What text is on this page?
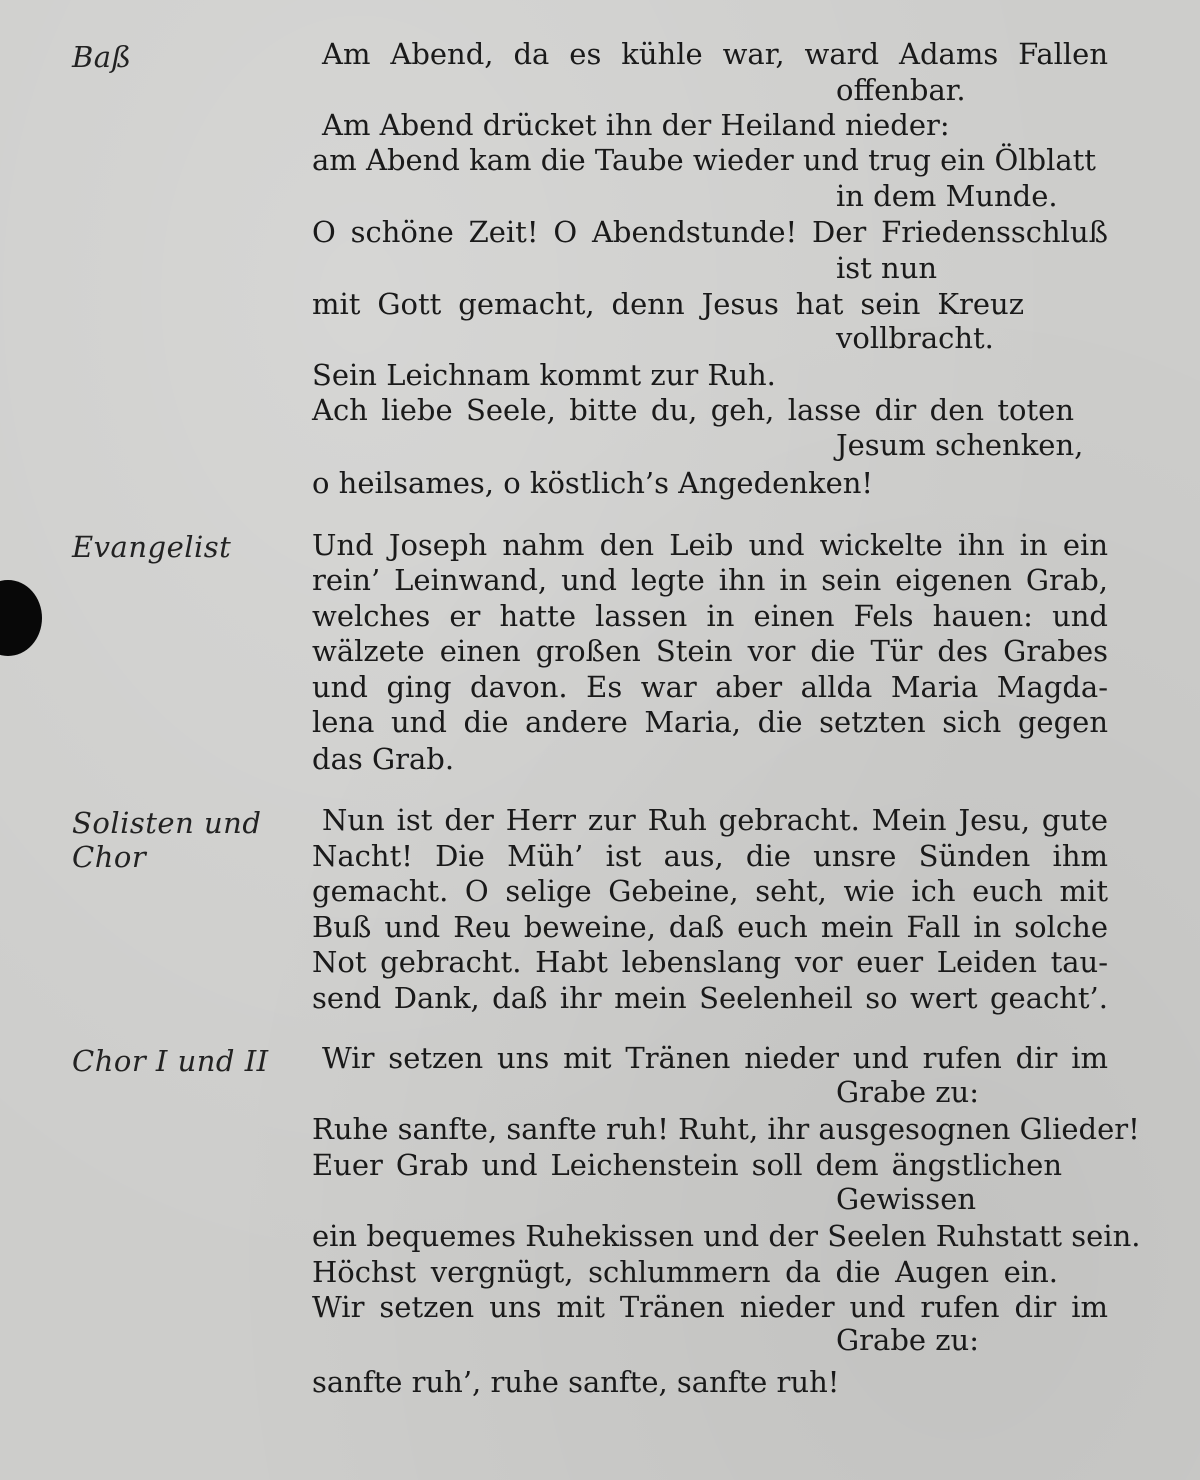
Baß	Am Abend, da es kühle war, ward Adams Fallen
offenbar.
Am Abend drücket ihn der Heiland nieder:
am Abend kam die Taube wieder und trug ein Ölblatt
in dem Munde.
O schöne Zeit! O Abendstunde! Der Friedensschluß
ist nun
mit Gott gemacht, denn Jesus hat sein Kreuz
vollbracht.
Sein Leichnam kommt zur Ruh.
Ach liebe Seele, bitte du, geh, lasse dir den toten
Jesum schenken,
o heilsames, o köstlich’s Angedenken!
Evangelist	Und Joseph nahm den Leib und wickelte ihn in ein
rein’ Leinwand, und legte ihn in sein eigenen Grab,
welches er hatte lassen in einen Fels hauen: und
wälzete einen großen Stein vor die Tür des Grabes
und ging davon. Es war aber allda Maria Magda-
lena und die andere Maria, die setzten sich gegen
das Grab.
Solisten und
Chor
Nun ist der Herr zur Ruh gebracht. Mein Jesu, gute
Nacht! Die Müh’ ist aus, die unsre Sünden ihm
gemacht. O selige Gebeine, seht, wie ich euch mit
Buß und Reu beweine, daß euch mein Fall in solche
Not gebracht. Habt lebenslang vor euer Leiden tau-
send Dank, daß ihr mein Seelenheil so wert geacht’.
Chor I und II Wir setzen uns mit Tränen nieder und rufen dir im
Grabe zu:
Ruhe sanfte, sanfte ruh! Ruht, ihr ausgesognen Glieder!
Euer Grab und Leichenstein soll dem ängstlichen
Gewissen
ein bequemes Ruhekissen und der Seelen Ruhstatt sein.
Höchst vergnügt, schlummern da die Augen ein.
Wir setzen uns mit Tränen nieder und rufen dir im
Grabe zu:
sanfte ruh’, ruhe sanfte, sanfte ruh!
